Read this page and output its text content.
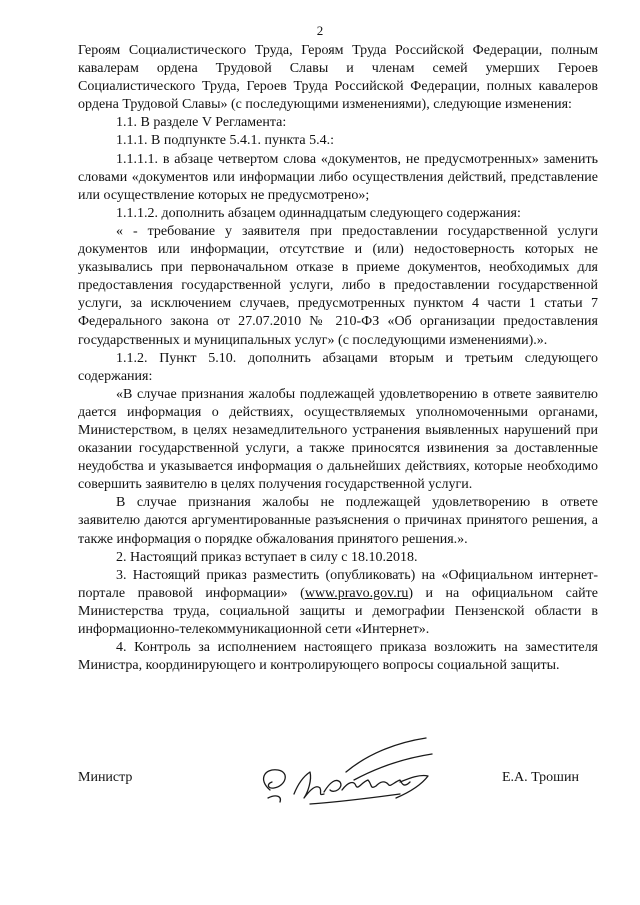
2

Героям Социалистического Труда, Героям Труда Российской Федерации, полным кавалерам ордена Трудовой Славы и членам семей умерших Героев Социалистического Труда, Героев Труда Российской Федерации, полных кавалеров ордена Трудовой Славы» (с последующими изменениями), следующие изменения:

1.1. В разделе V Регламента:

1.1.1. В подпункте 5.4.1. пункта 5.4.:

1.1.1.1. в абзаце четвертом слова «документов, не предусмотренных» заменить словами «документов или информации либо осуществления действий, представление или осуществление которых не предусмотрено»;

1.1.1.2. дополнить абзацем одиннадцатым следующего содержания:

« - требование у заявителя при предоставлении государственной услуги документов или информации, отсутствие и (или) недостоверность которых не указывались при первоначальном отказе в приеме документов, необходимых для предоставления государственной услуги, либо в предоставлении государственной услуги, за исключением случаев, предусмотренных пунктом 4 части 1 статьи 7 Федерального закона от 27.07.2010 № 210-ФЗ «Об организации предоставления государственных и муниципальных услуг» (с последующими изменениями).».

1.1.2. Пункт 5.10. дополнить абзацами вторым и третьим следующего содержания:

«В случае признания жалобы подлежащей удовлетворению в ответе заявителю дается информация о действиях, осуществляемых уполномоченными органами, Министерством, в целях незамедлительного устранения выявленных нарушений при оказании государственной услуги, а также приносятся извинения за доставленные неудобства и указывается информация о дальнейших действиях, которые необходимо совершить заявителю в целях получения государственной услуги.

В случае признания жалобы не подлежащей удовлетворению в ответе заявителю даются аргументированные разъяснения о причинах принятого решения, а также информация о порядке обжалования принятого решения.».

2. Настоящий приказ вступает в силу с 18.10.2018.

3. Настоящий приказ разместить (опубликовать) на «Официальном интернет-портале правовой информации» (www.pravo.gov.ru) и на официальном сайте Министерства труда, социальной защиты и демографии Пензенской области в информационно-телекоммуникационной сети «Интернет».

4. Контроль за исполнением настоящего приказа возложить на заместителя Министра, координирующего и контролирующего вопросы социальной защиты.

Министр	Е.А. Трошин
